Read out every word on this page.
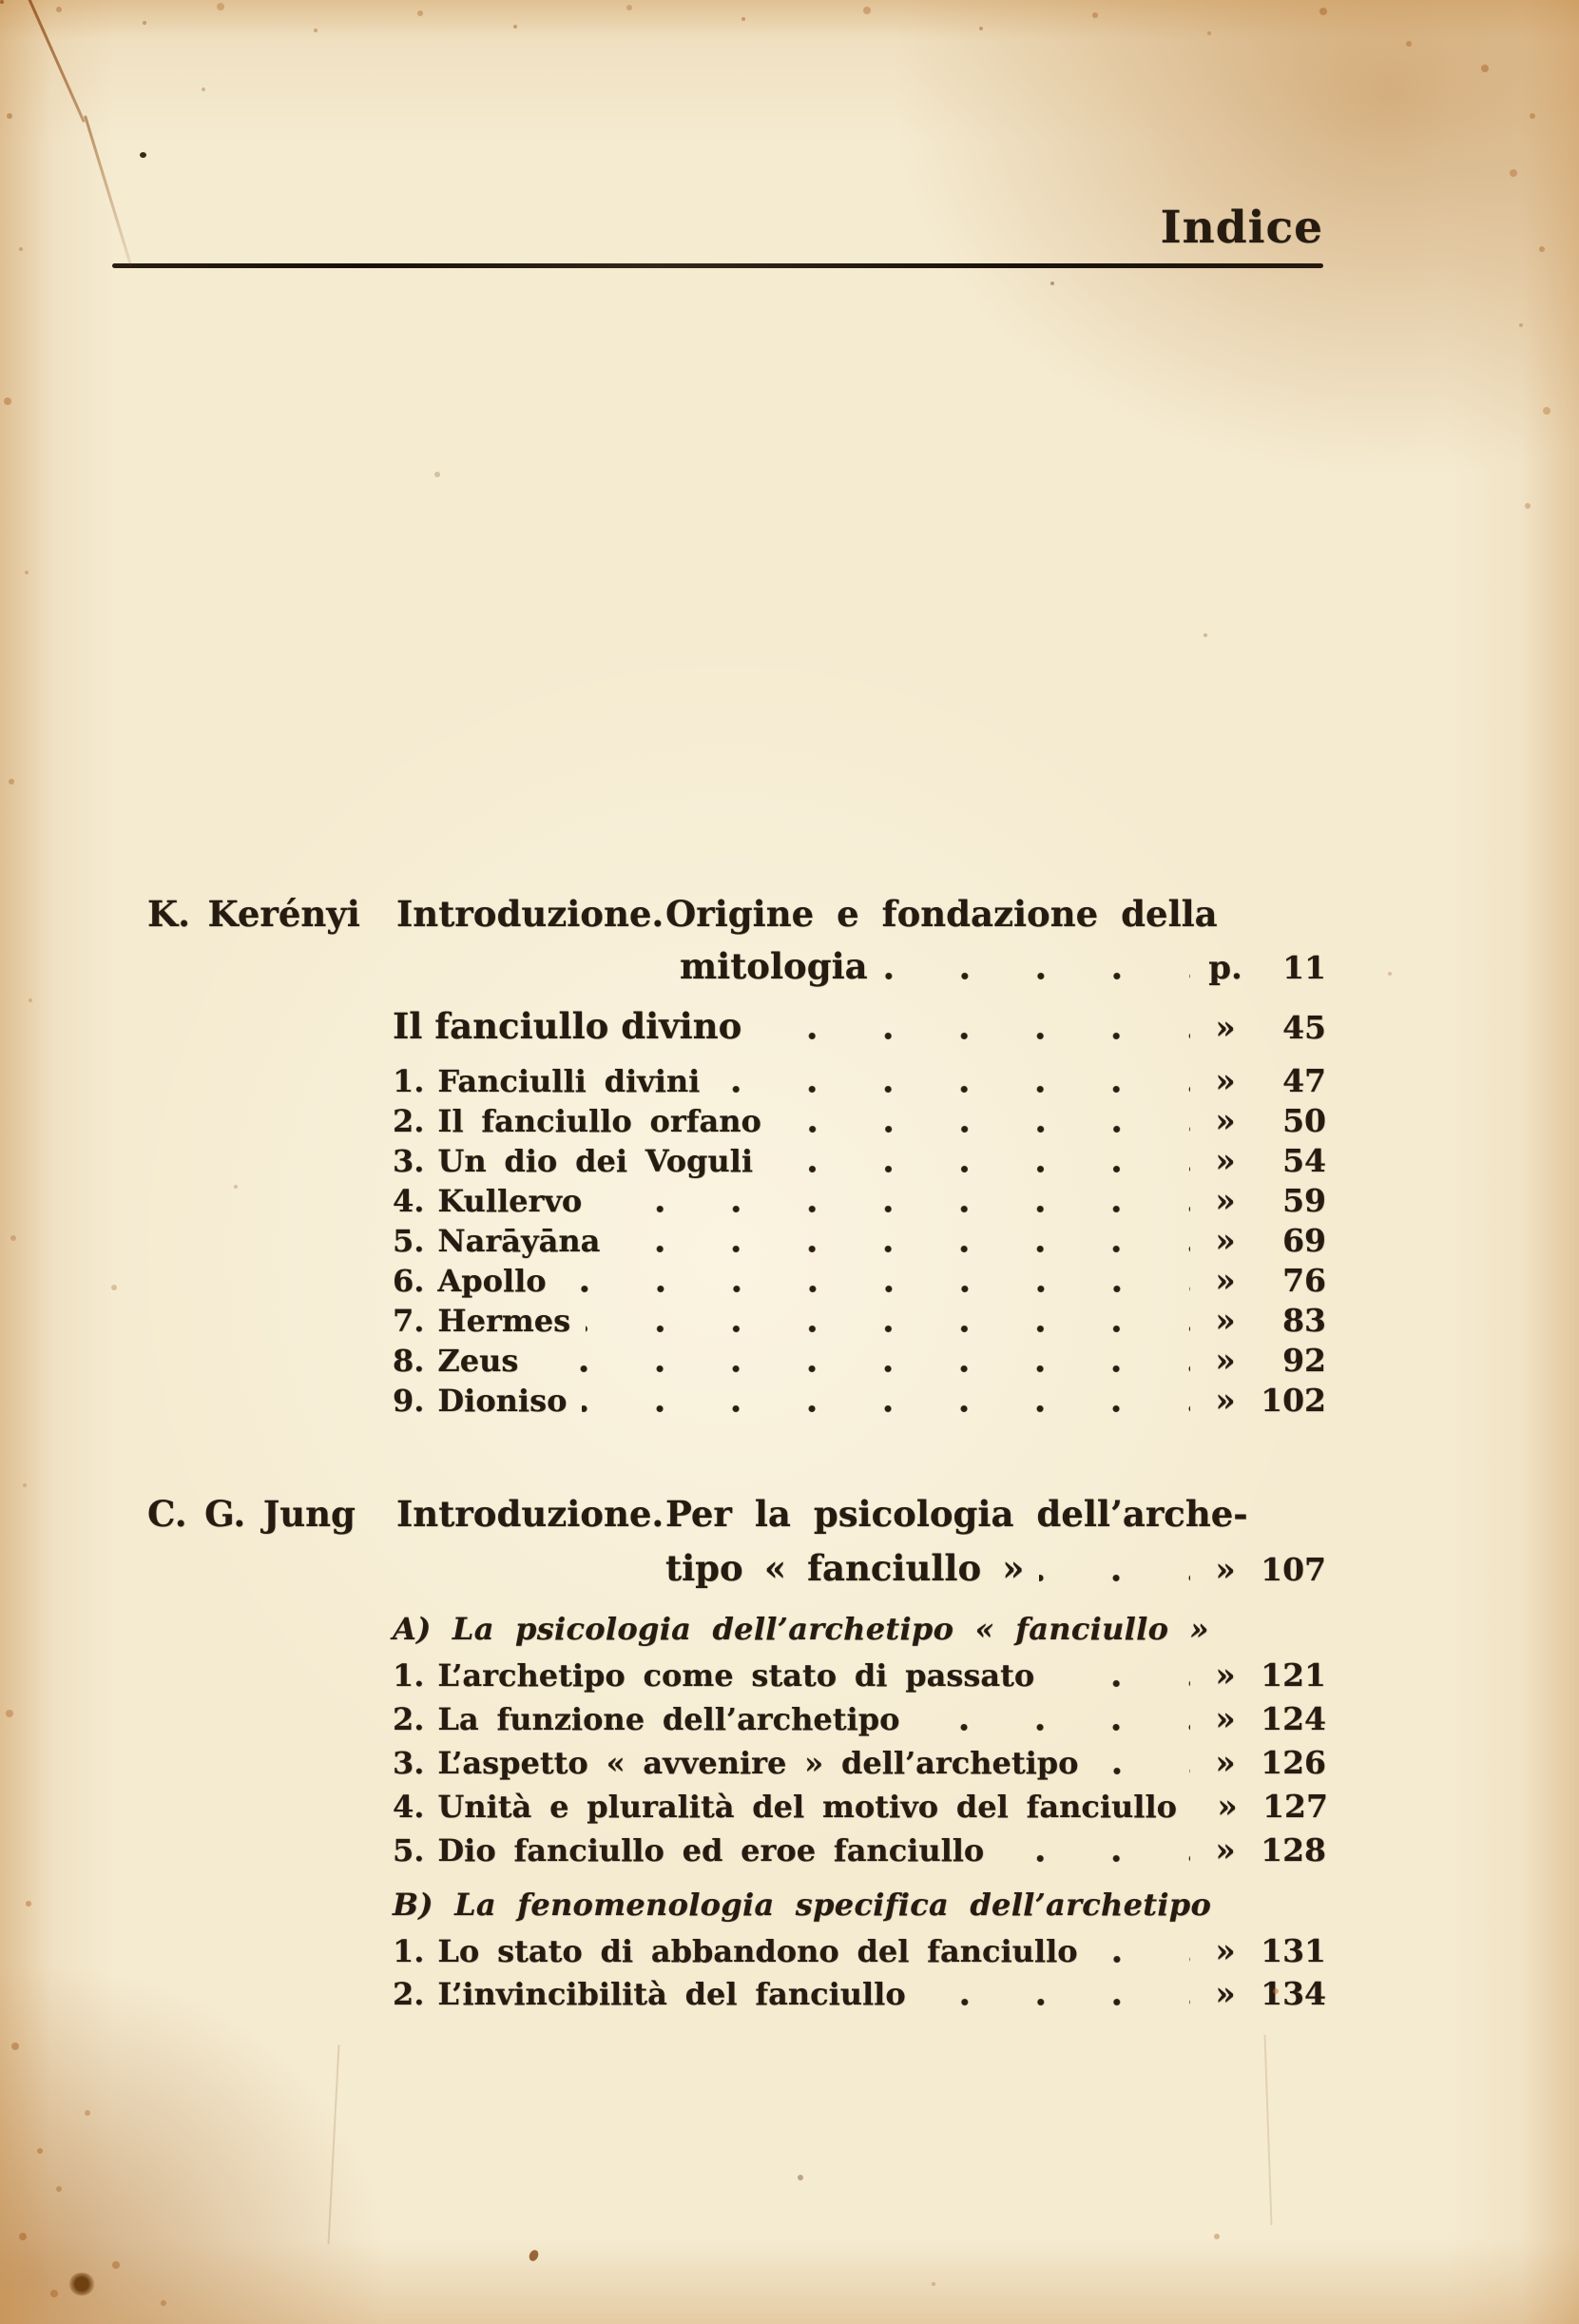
Indice
K. Kerényi Introduzione. Origine e fondazione della
mitologia	p.	11
Il fanciullo divino	»	45
1. Fanciulli divini	»	47
2. Il fanciullo orfano	»	50
3. Un dio dei Voguli	»	54
4. Kullervo	»	59
5. Narāyāna	»	69
6. Apollo	»	76
7. Hermes	»	83
8. Zeus	»	92
9. Dioniso	» 102
C. G. Jung Introduzione. Per la psicologia dell’arche-
tipo « fanciullo »	» 107
A) La psicologia dell’archetipo « fanciullo »
1. L’archetipo come stato di passato	» 121
2. La funzione dell’archetipo	» 124
3. L’aspetto « avvenire » dell’archetipo	» 126
4. Unità e pluralità del motivo del fanciullo	» 127
5. Dio fanciullo ed eroe fanciullo	» 128
B) La fenomenologia specifica dell’archetipo
1. Lo stato di abbandono del fanciullo	» 131
2. L’invincibilità del fanciullo	» 134
